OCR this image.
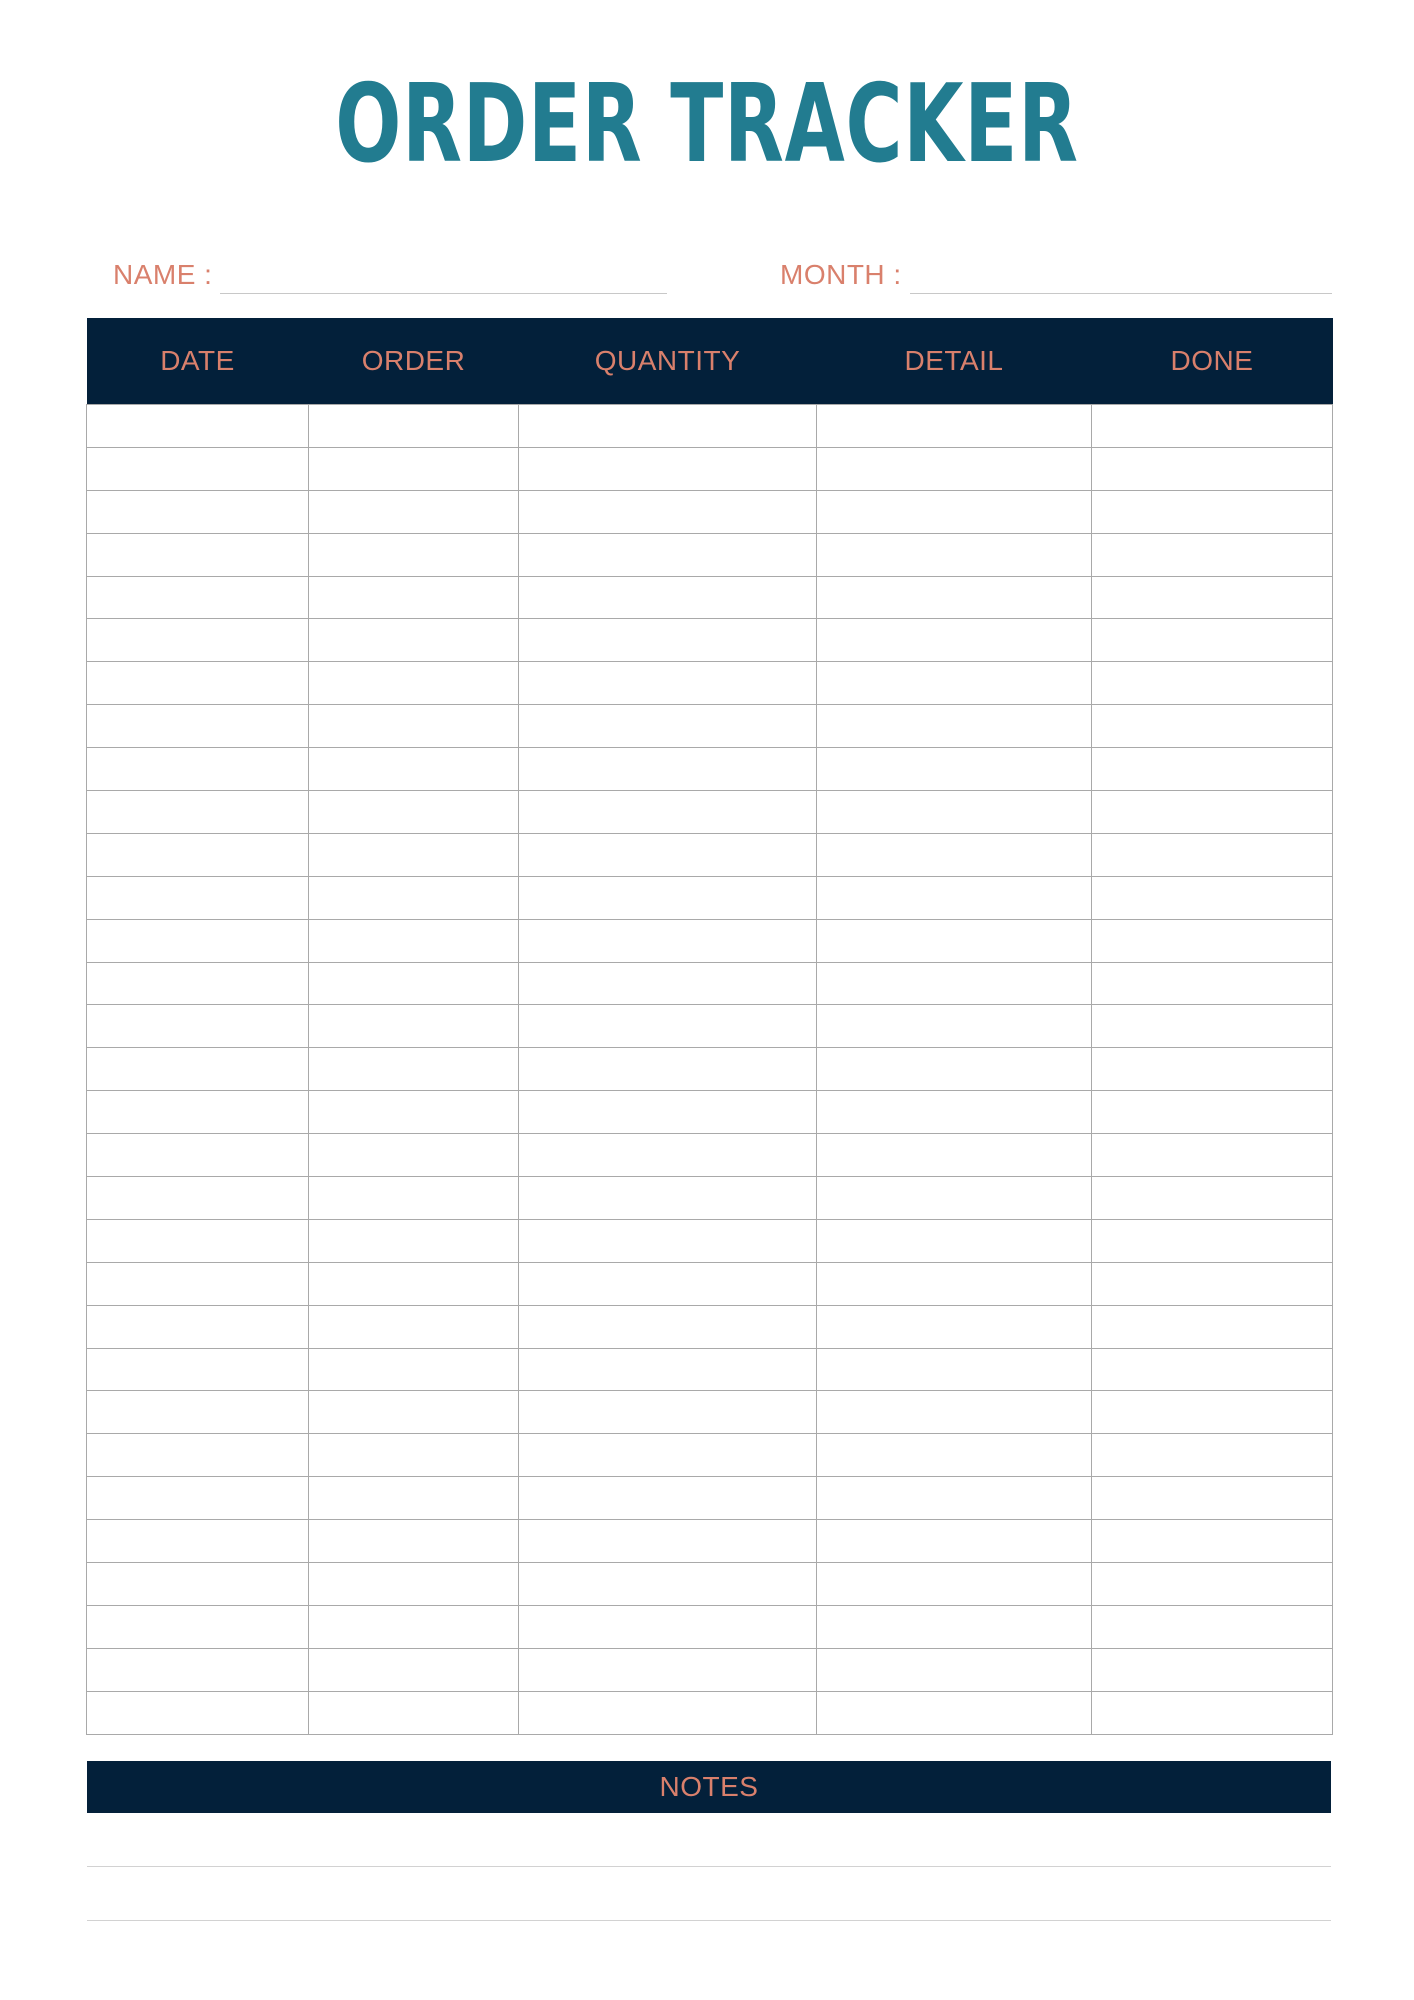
ORDER TRACKER
NAME :	MONTH :
DATE	ORDER	QUANTITY	DETAIL	DONE

NOTES
